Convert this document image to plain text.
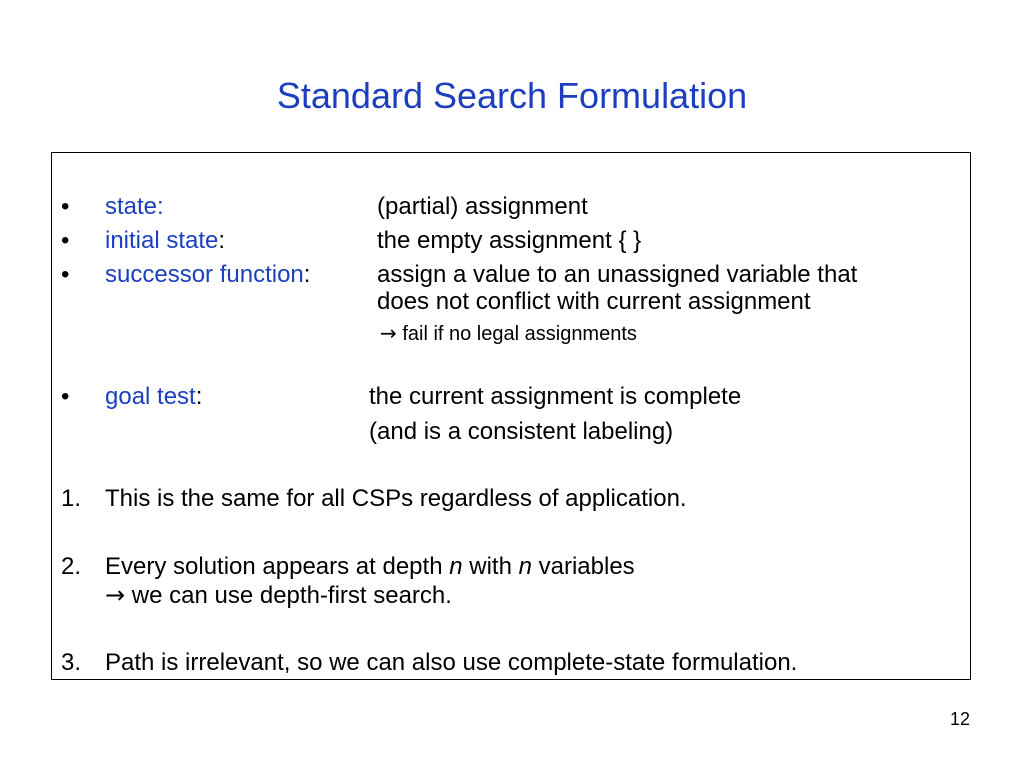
Standard Search Formulation
• state:	(partial) assignment
• initial state:	the empty assignment { }
• successor function:	assign a value to an unassigned variable that
does not conflict with current assignment
→ fail if no legal assignments
• goal test:	the current assignment is complete
(and is a consistent labeling)
1. This is the same for all CSPs regardless of application.
2. Every solution appears at depth n with n variables
→ we can use depth-first search.
3. Path is irrelevant, so we can also use complete-state formulation.
12
